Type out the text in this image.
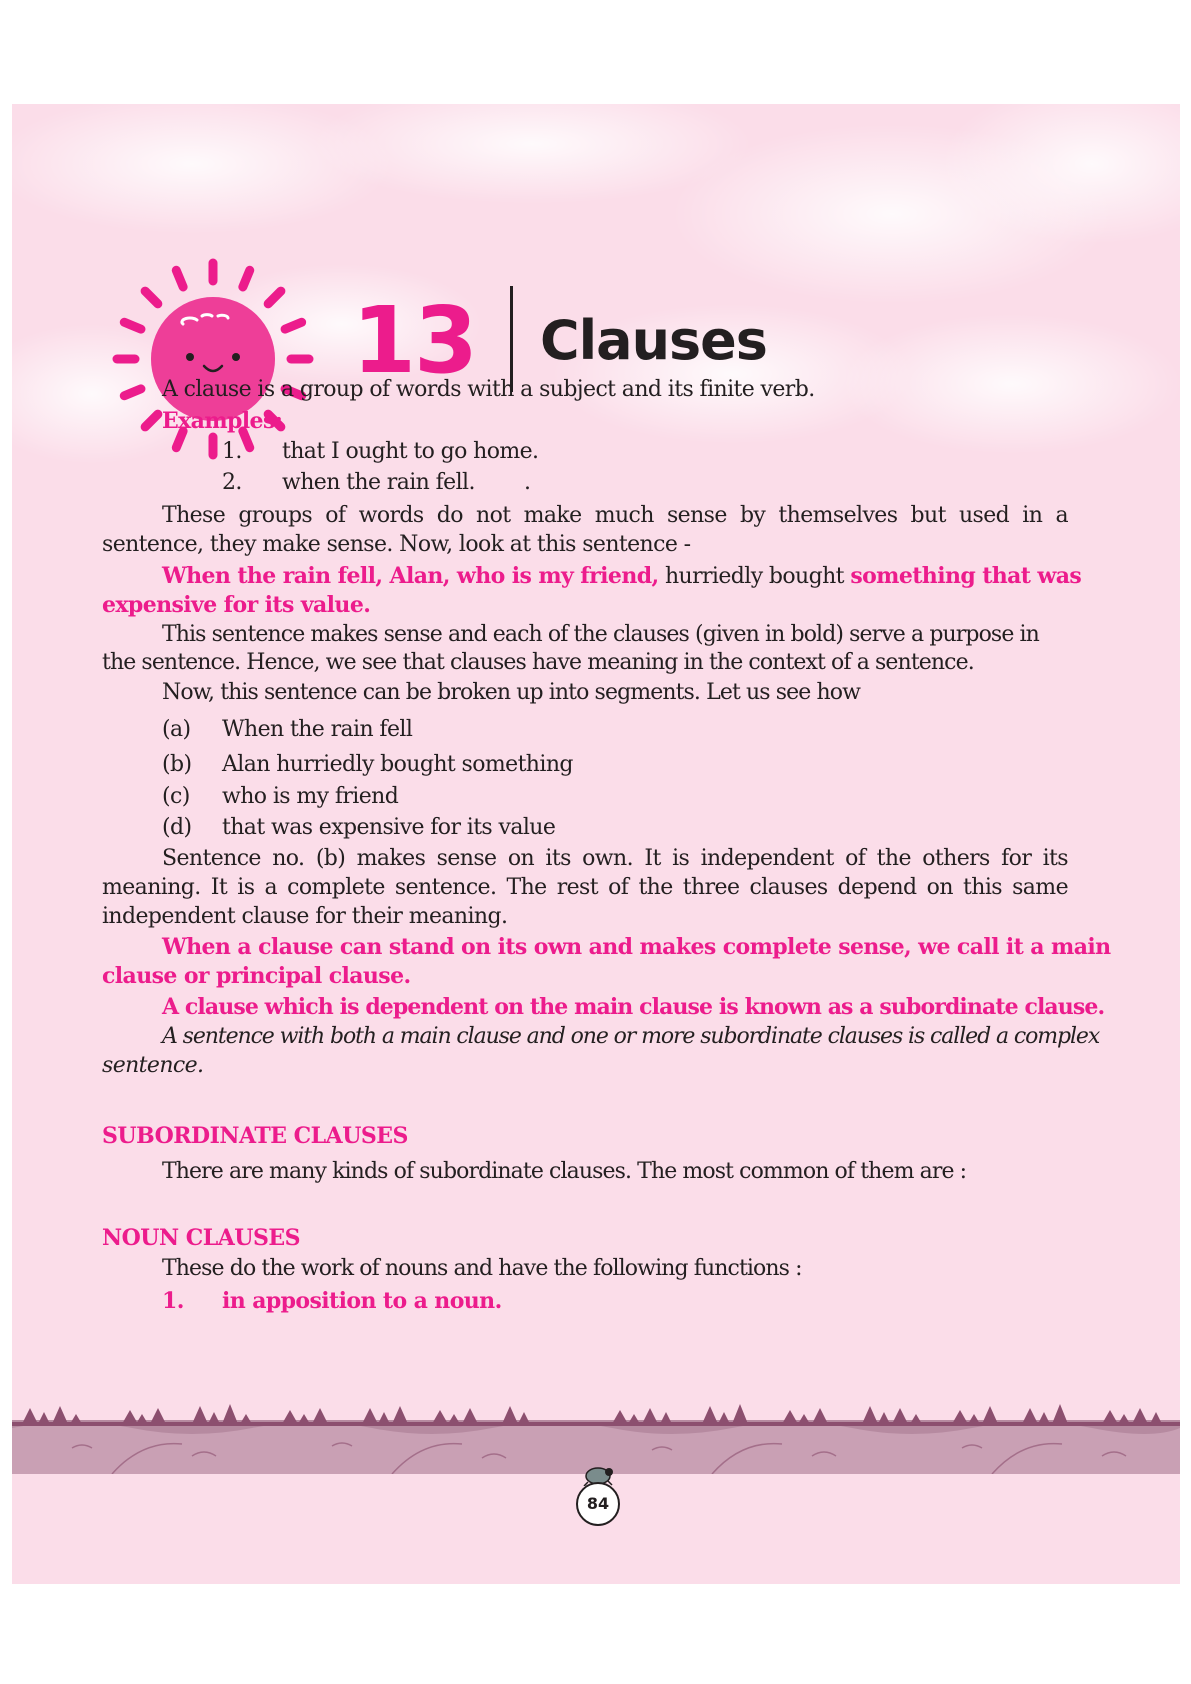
13 Clauses
A clause is a group of words with a subject and its finite verb.
Examples:
1. that I ought to go home.
2. when the rain fell. .
These groups of words do not make much sense by themselves but used in a
sentence, they make sense. Now, look at this sentence -
When the rain fell, Alan, who is my friend, hurriedly bought something that was
expensive for its value.
This sentence makes sense and each of the clauses (given in bold) serve a purpose in
the sentence. Hence, we see that clauses have meaning in the context of a sentence.
Now, this sentence can be broken up into segments. Let us see how
(a) When the rain fell
(b) Alan hurriedly bought something
(c) who is my friend
(d) that was expensive for its value
Sentence no. (b) makes sense on its own. It is independent of the others for its
meaning. It is a complete sentence. The rest of the three clauses depend on this same
independent clause for their meaning.
When a clause can stand on its own and makes complete sense, we call it a main
clause or principal clause.
A clause which is dependent on the main clause is known as a subordinate clause.
A sentence with both a main clause and one or more subordinate clauses is called a complex
sentence.
SUBORDINATE CLAUSES
There are many kinds of subordinate clauses. The most common of them are :
NOUN CLAUSES
These do the work of nouns and have the following functions :
1. in apposition to a noun.
84
